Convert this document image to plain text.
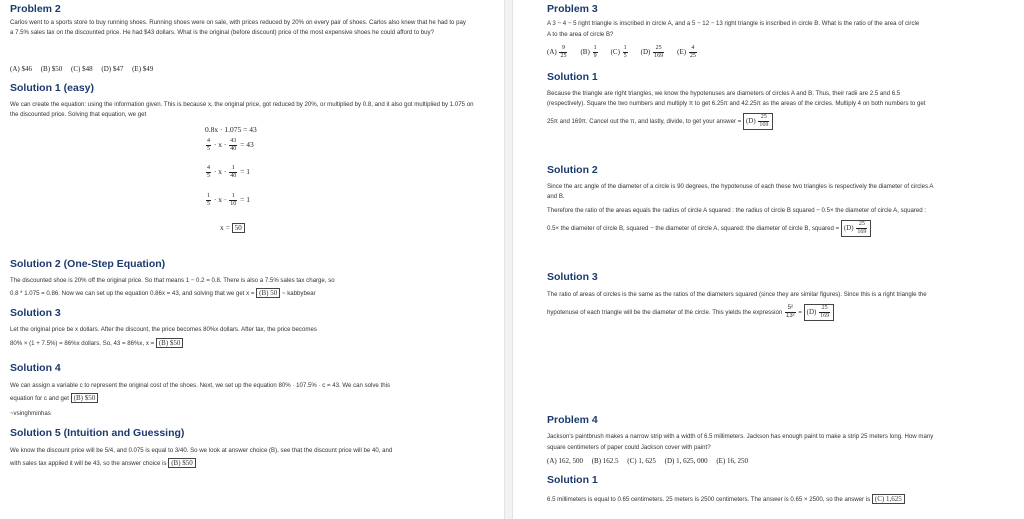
Problem 2

Carlos went to a sports store to buy running shoes. Running shoes were on sale, with prices reduced by 20% on every pair of shoes. Carlos also knew that he had to pay a 7.5% sales tax on the discounted price. He had $43 dollars. What is the original (before discount) price of the most expensive shoes he could afford to buy?

(A) $46     (B) $50     (C) $48     (D) $47     (E) $49
Solution 1 (easy)

We can create the equation: using the information given. This is because x, the original price, got reduced by 20%, or multiplied by 0.8, and it also got multiplied by 1.075 on the discounted price. Solving that equation, we get

0.8x · 1.075 = 43
$\frac{4}{5} \cdot x \cdot \frac{43}{40} = 43$
$\frac{4}{5} \cdot x \cdot \frac{1}{40} = 1$
$\frac{1}{5} \cdot x \cdot \frac{1}{10} = 1$
x = 50
Solution 2 (One-Step Equation)

The discounted shoe is 20% off the original price. So that means 1 − 0.2 = 0.8. There is also a 7.5% sales tax charge, so

0.8 * 1.075 = 0.86. Now we can set up the equation 0.86x = 43, and solving that we get x = (B) 50 ~ kabbybear

Solution 3

Let the original price be x dollars. After the discount, the price becomes 80%x dollars. After tax, the price becomes

80% × (1 + 7.5%) = 86%x dollars. So, 43 = 86%x, x = (B) $50

Solution 4

We can assign a variable c to represent the original cost of the shoes. Next, we set up the equation 80% · 107.5% · c = 43. We can solve this

equation for c and get (B) $50

~vsinghminhas

Solution 5 (Intuition and Guessing)

We know the discount price will be 5/4, and 0.075 is equal to 3/40. So we look at answer choice (B), see that the discount price will be 40, and

with sales tax applied it will be 43, so the answer choice is (B) $50

Problem 3

A 3 − 4 − 5 right triangle is inscribed in circle A, and a 5 − 12 − 13 right triangle is inscribed in circle B. What is the ratio of the area of circle

A to the area of circle B?

$(A) \frac{9}{25} (B) \frac{1}{9} (C) \frac{1}{5} (D) \frac{25}{169} (E) \frac{4}{25}$
Solution 1

Because the triangle are right triangles, we know the hypotenuses are diameters of circles A and B. Thus, their radii are 2.5 and 6.5

(respectively). Square the two numbers and multiply π to get 6.25π and 42.25π as the areas of the circles. Multiply 4 on both numbers to get

25π and 169π. Cancel out the π, and lastly, divide, to get your answer = $(D) \frac{25}{169}$

Solution 2

Since the arc angle of the diameter of a circle is 90 degrees, the hypotenuse of each these two triangles is respectively the diameter of circles A

and B.

Therefore the ratio of the areas equals the radius of circle A squared : the radius of circle B squared − 0.5× the diameter of circle A, squared :

0.5× the diameter of circle B, squared − the diameter of circle A, squared: the diameter of circle B, squared = $(D) \frac{25}{169}$

Solution 3

The ratio of areas of circles is the same as the ratios of the diameters squared (since they are similar figures). Since this is a right triangle the

hypotenuse of each triangle will be the diameter of the circle. This yields the expression $\frac{\text{5²}}{\text{13²}} = (D) \frac{25}{169}$

Problem 4

Jackson's paintbrush makes a narrow strip with a width of 6.5 millimeters. Jackson has enough paint to make a strip 25 meters long. How many

square centimeters of paper could Jackson cover with paint?

(A) 162, 500     (B) 162.5     (C) 1, 625     (D) 1, 625, 000     (E) 16, 250
Solution 1

6.5 millimeters is equal to 0.65 centimeters. 25 meters is 2500 centimeters. The answer is 0.65 × 2500, so the answer is (C) 1,625
